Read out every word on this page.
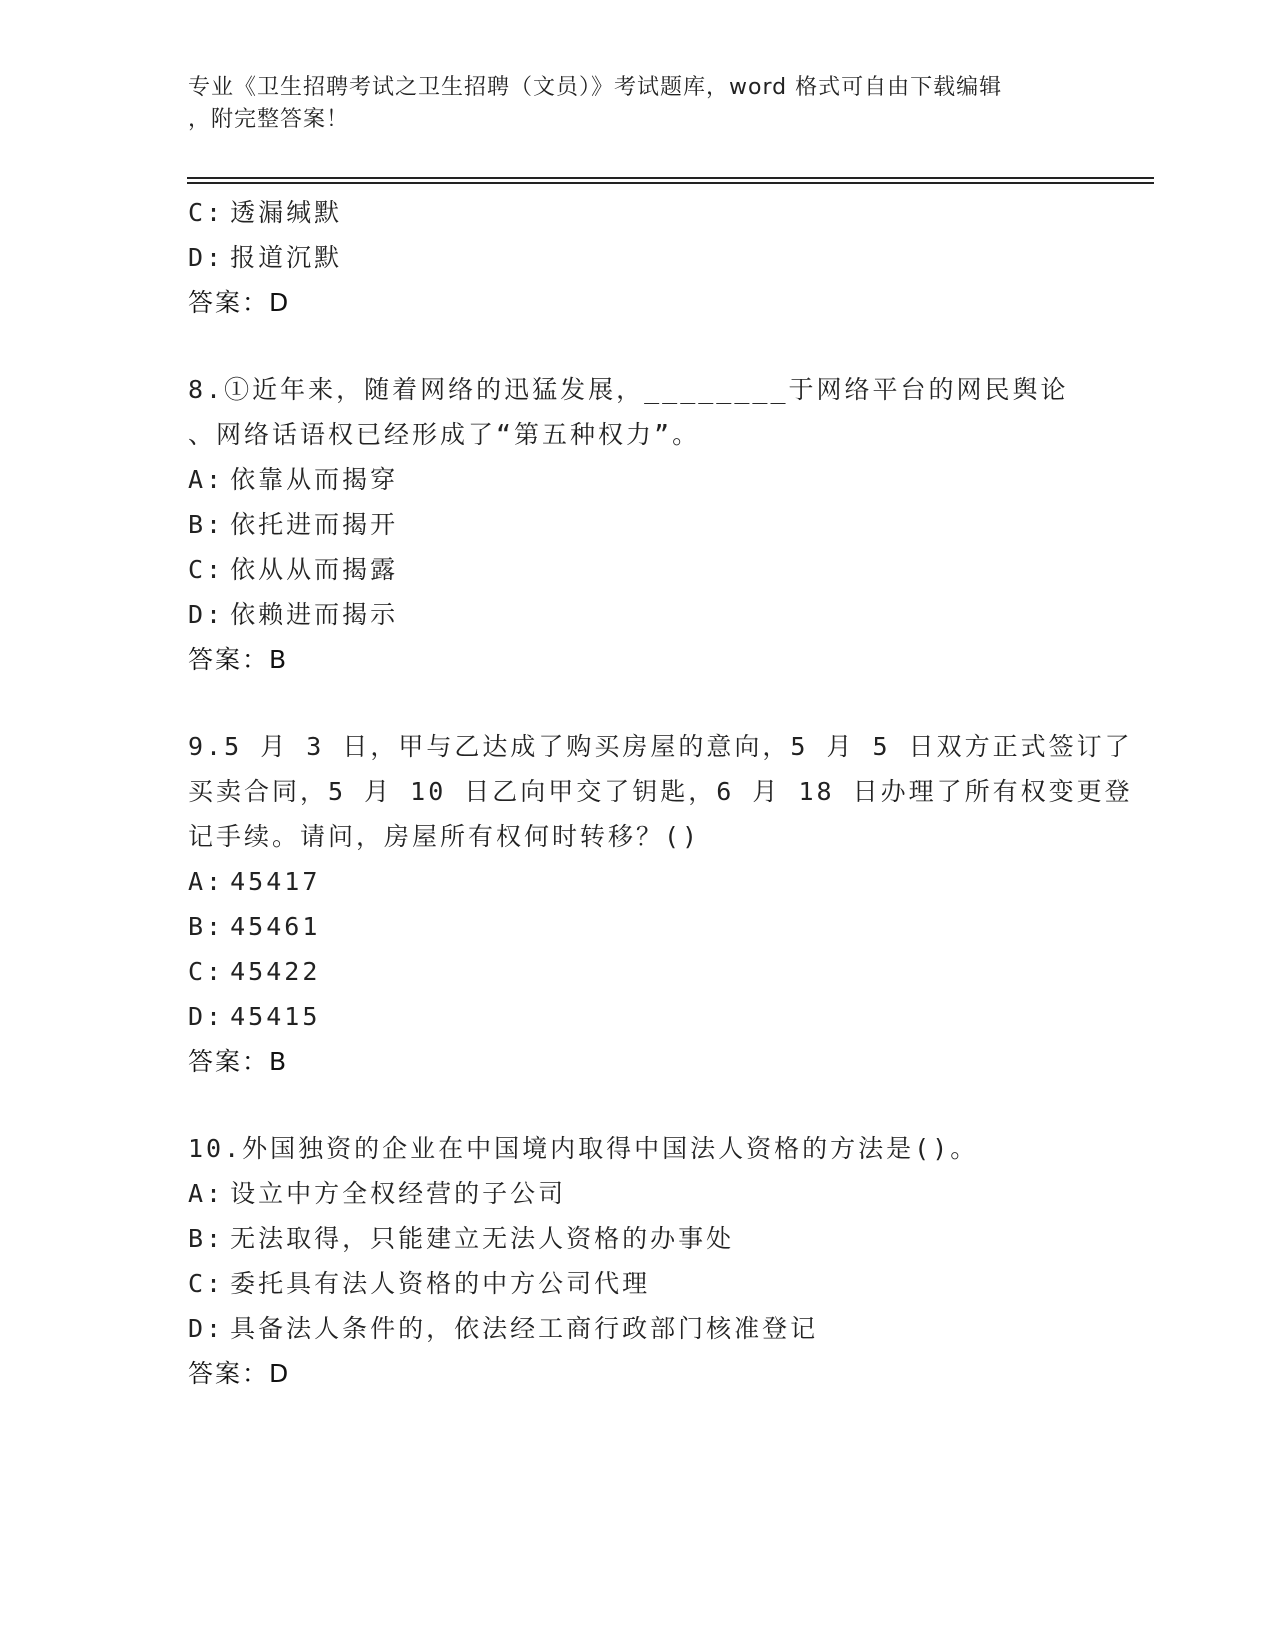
专业《卫生招聘考试之卫生招聘（文员）》考试题库，word 格式可自由下载编辑
，附完整答案！
C: 透漏缄默
D: 报道沉默
答案：D
8.①近年来，随着网络的迅猛发展，________于网络平台的网民舆论
、网络话语权已经形成了“第五种权力”。
A: 依靠从而揭穿
B: 依托进而揭开
C: 依从从而揭露
D: 依赖进而揭示
答案：B
9.5 月 3 日，甲与乙达成了购买房屋的意向，5 月 5 日双方正式签订了
买卖合同，5 月 10 日乙向甲交了钥匙，6 月 18 日办理了所有权变更登
记手续。请问，房屋所有权何时转移？()
A: 45417
B: 45461
C: 45422
D: 45415
答案：B
10.外国独资的企业在中国境内取得中国法人资格的方法是()。
A: 设立中方全权经营的子公司
B: 无法取得，只能建立无法人资格的办事处
C: 委托具有法人资格的中方公司代理
D: 具备法人条件的，依法经工商行政部门核准登记
答案：D
